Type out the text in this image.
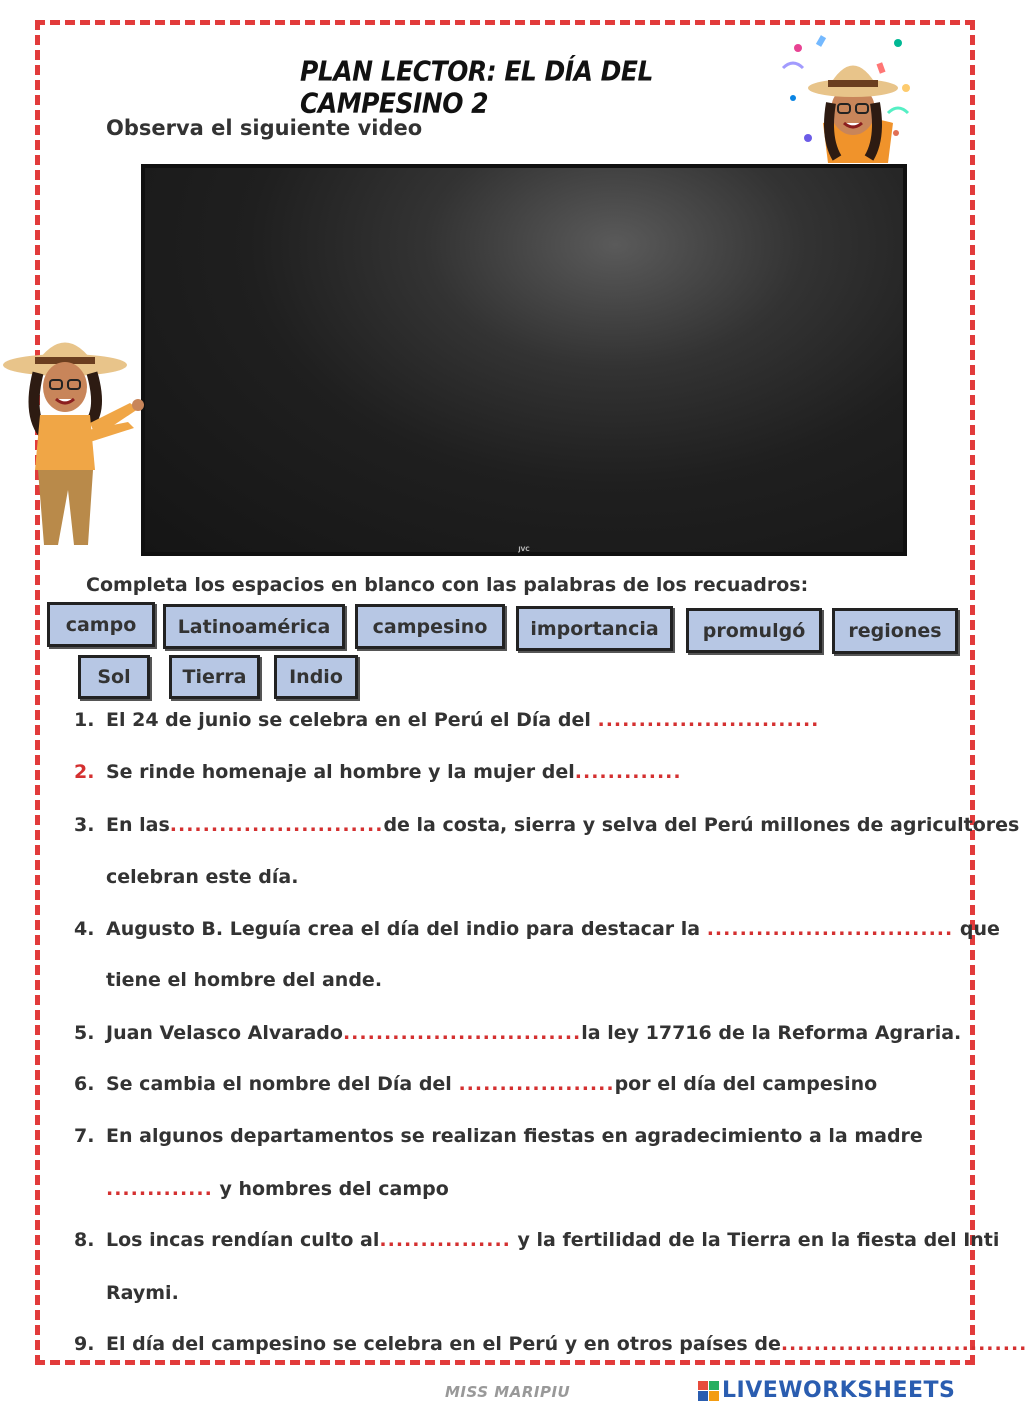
PLAN LECTOR: EL DÍA DEL CAMPESINO 2
Observa el siguiente video
JVC
Completa los espacios en blanco con las palabras de los recuadros:
campo	Latinoamérica	campesino	importancia	promulgó	regiones
Sol	Tierra	Indio
1. El 24 de junio se celebra en el Perú el Día del ...........................
2. Se rinde homenaje al hombre y la mujer del.............
3. En las..........................de la costa, sierra y selva del Perú millones de agricultores
celebran este día.
4. Augusto B. Leguía crea el día del indio para destacar la .............................. que
tiene el hombre del ande.
5. Juan Velasco Alvarado.............................la ley 17716 de la Reforma Agraria.
6. Se cambia el nombre del Día del ...................por el día del campesino
7. En algunos departamentos se realizan fiestas en agradecimiento a la madre
............. y hombres del campo
8. Los incas rendían culto al................ y la fertilidad de la Tierra en la fiesta del Inti
Raymi.
9. El día del campesino se celebra en el Perú y en otros países de..............................
MISS MARIPIU	LIVEWORKSHEETS
